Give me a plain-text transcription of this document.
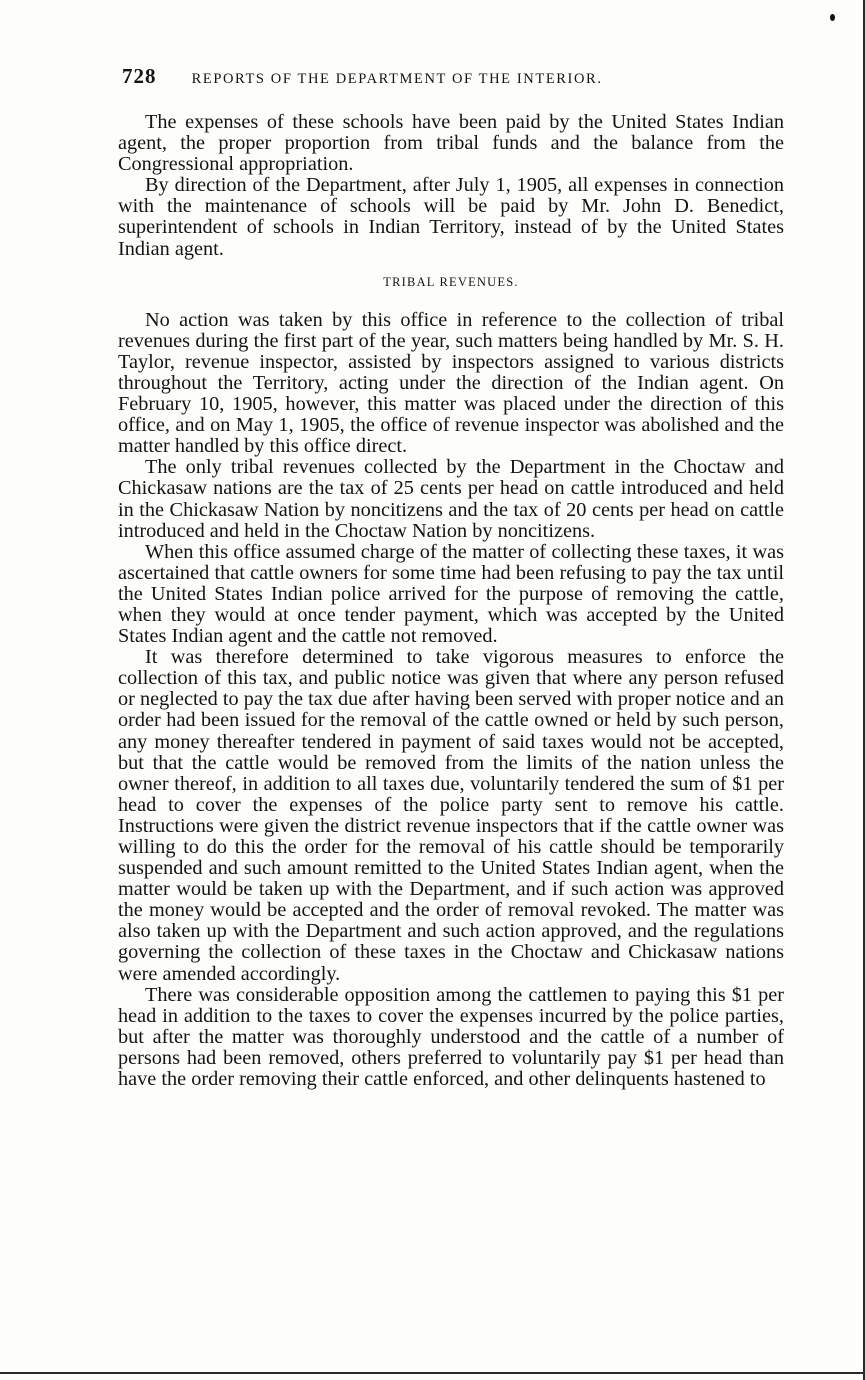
728 REPORTS OF THE DEPARTMENT OF THE INTERIOR.

The expenses of these schools have been paid by the United States Indian agent, the proper proportion from tribal funds and the balance from the Congressional appropriation.

By direction of the Department, after July 1, 1905, all expenses in connection with the maintenance of schools will be paid by Mr. John D. Benedict, superintendent of schools in Indian Territory, instead of by the United States Indian agent.

TRIBAL REVENUES.

No action was taken by this office in reference to the collection of tribal revenues during the first part of the year, such matters being handled by Mr. S. H. Taylor, revenue inspector, assisted by inspectors assigned to various districts throughout the Territory, acting under the direction of the Indian agent. On February 10, 1905, however, this matter was placed under the direction of this office, and on May 1, 1905, the office of revenue inspector was abolished and the matter handled by this office direct.

The only tribal revenues collected by the Department in the Choctaw and Chickasaw nations are the tax of 25 cents per head on cattle introduced and held in the Chickasaw Nation by noncitizens and the tax of 20 cents per head on cattle introduced and held in the Choctaw Nation by noncitizens.

When this office assumed charge of the matter of collecting these taxes, it was ascertained that cattle owners for some time had been refusing to pay the tax until the United States Indian police arrived for the purpose of removing the cattle, when they would at once tender payment, which was accepted by the United States Indian agent and the cattle not removed.

It was therefore determined to take vigorous measures to enforce the collection of this tax, and public notice was given that where any person refused or neglected to pay the tax due after having been served with proper notice and an order had been issued for the removal of the cattle owned or held by such person, any money thereafter tendered in payment of said taxes would not be accepted, but that the cattle would be removed from the limits of the nation unless the owner thereof, in addition to all taxes due, voluntarily tendered the sum of $1 per head to cover the expenses of the police party sent to remove his cattle. Instructions were given the district revenue inspectors that if the cattle owner was willing to do this the order for the removal of his cattle should be temporarily suspended and such amount remitted to the United States Indian agent, when the matter would be taken up with the Department, and if such action was approved the money would be accepted and the order of removal revoked. The matter was also taken up with the Department and such action approved, and the regulations governing the collection of these taxes in the Choctaw and Chickasaw nations were amended accordingly.

There was considerable opposition among the cattlemen to paying this $1 per head in addition to the taxes to cover the expenses incurred by the police parties, but after the matter was thoroughly understood and the cattle of a number of persons had been removed, others preferred to voluntarily pay $1 per head than have the order removing their cattle enforced, and other delinquents hastened to
